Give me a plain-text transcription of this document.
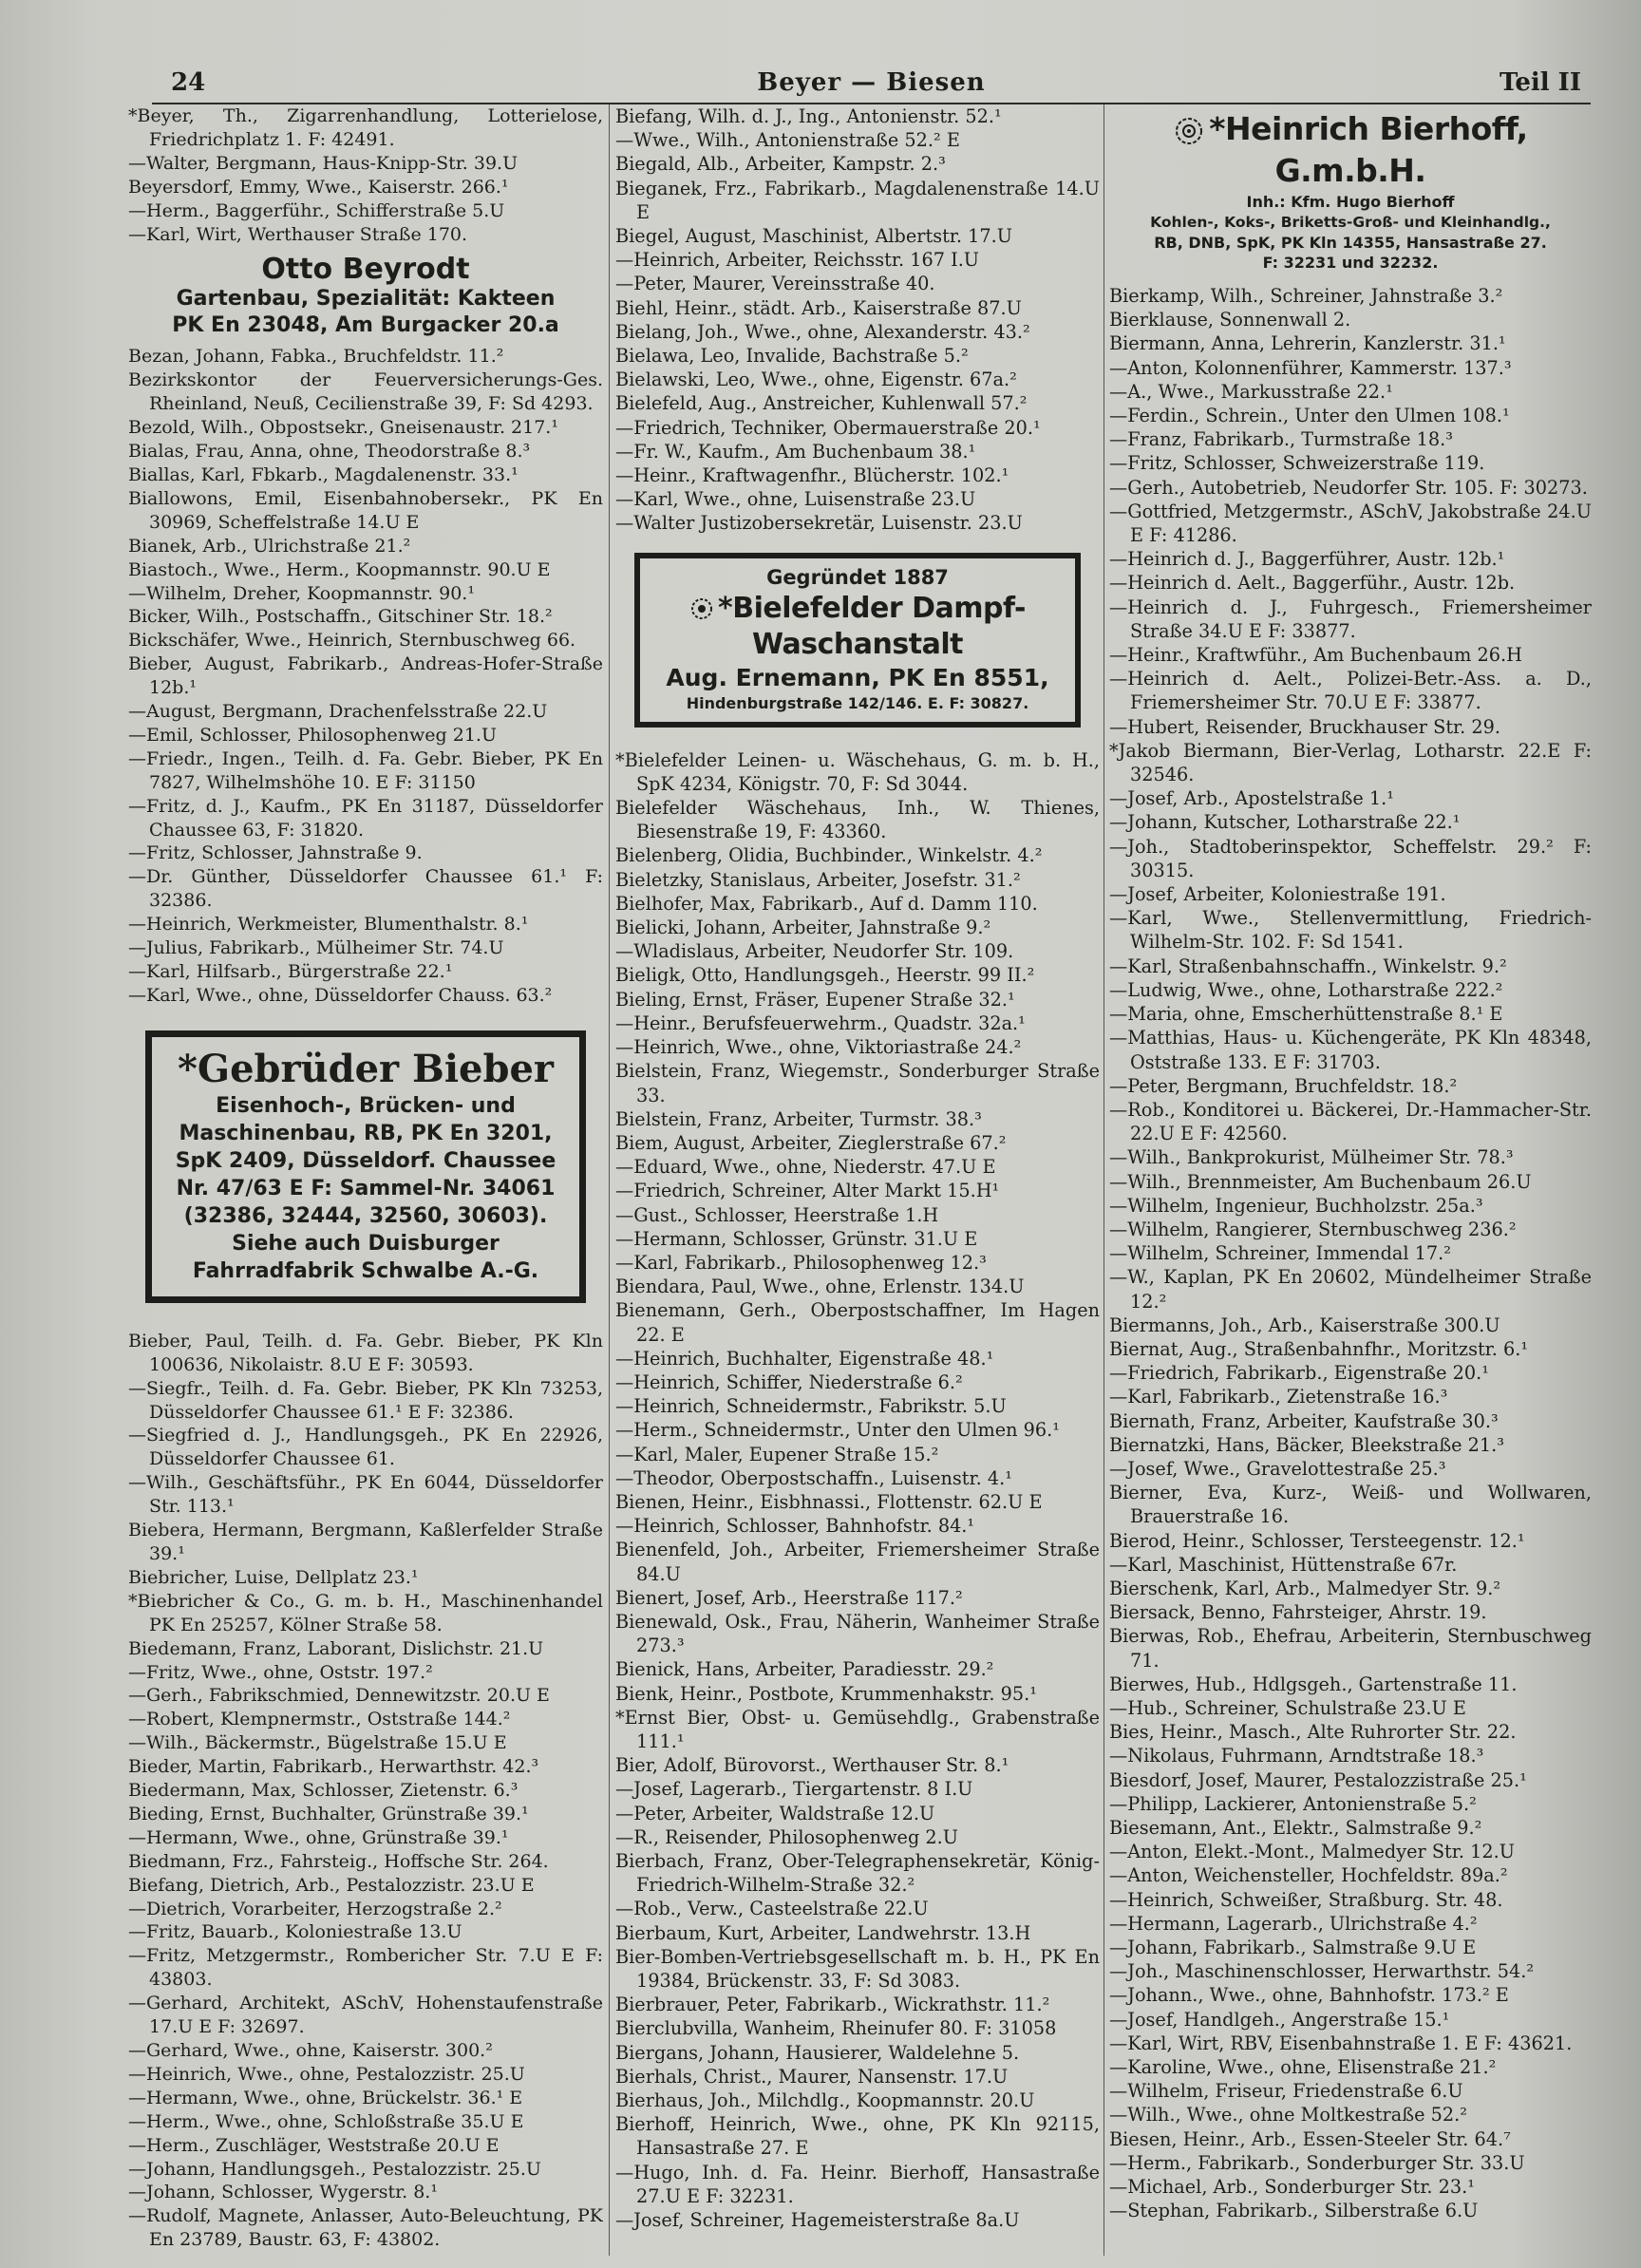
24	Beyer — Biesen	Teil II

*Beyer, Th., Zigarrenhandlung, Lotterielose, Friedrichplatz 1. F: 42491.

—Walter, Bergmann, Haus-Knipp-Str. 39.U

Beyersdorf, Emmy, Wwe., Kaiserstr. 266.¹

—Herm., Baggerführ., Schifferstraße 5.U

—Karl, Wirt, Werthauser Straße 170.

Otto Beyrodt
Gartenbau, Spezialität: Kakteen
PK En 23048, Am Burgacker 20.a

Bezan, Johann, Fabka., Bruchfeldstr. 11.²

Bezirkskontor der Feuerversicherungs-Ges. Rheinland, Neuß, Cecilienstraße 39, F: Sd 4293.

Bezold, Wilh., Obpostsekr., Gneisenaustr. 217.¹

Bialas, Frau, Anna, ohne, Theodorstraße 8.³

Biallas, Karl, Fbkarb., Magdalenenstr. 33.¹

Biallowons, Emil, Eisenbahnobersekr., PK En 30969, Scheffelstraße 14.U E

Bianek, Arb., Ulrichstraße 21.²

Biastoch., Wwe., Herm., Koopmannstr. 90.U E

—Wilhelm, Dreher, Koopmannstr. 90.¹

Bicker, Wilh., Postschaffn., Gitschiner Str. 18.²

Bickschäfer, Wwe., Heinrich, Sternbuschweg 66.

Bieber, August, Fabrikarb., Andreas-Hofer-Straße 12b.¹

—August, Bergmann, Drachenfelsstraße 22.U

—Emil, Schlosser, Philosophenweg 21.U

—Friedr., Ingen., Teilh. d. Fa. Gebr. Bieber, PK En 7827, Wilhelmshöhe 10. E F: 31150

—Fritz, d. J., Kaufm., PK En 31187, Düsseldorfer Chaussee 63, F: 31820.

—Fritz, Schlosser, Jahnstraße 9.

—Dr. Günther, Düsseldorfer Chaussee 61.¹ F: 32386.

—Heinrich, Werkmeister, Blumenthalstr. 8.¹

—Julius, Fabrikarb., Mülheimer Str. 74.U

—Karl, Hilfsarb., Bürgerstraße 22.¹

—Karl, Wwe., ohne, Düsseldorfer Chauss. 63.²

*Gebrüder Bieber
Eisenhoch-, Brücken- und Maschinenbau, RB, PK En 3201, SpK 2409, Düsseldorf. Chaussee Nr. 47/63 E F: Sammel-Nr. 34061 (32386, 32444, 32560, 30603). Siehe auch Duisburger Fahrradfabrik Schwalbe A.-G.

Bieber, Paul, Teilh. d. Fa. Gebr. Bieber, PK Kln 100636, Nikolaistr. 8.U E F: 30593.

—Siegfr., Teilh. d. Fa. Gebr. Bieber, PK Kln 73253, Düsseldorfer Chaussee 61.¹ E F: 32386.

—Siegfried d. J., Handlungsgeh., PK En 22926, Düsseldorfer Chaussee 61.

—Wilh., Geschäftsführ., PK En 6044, Düsseldorfer Str. 113.¹

Biebera, Hermann, Bergmann, Kaßlerfelder Straße 39.¹

Biebricher, Luise, Dellplatz 23.¹

*Biebricher & Co., G. m. b. H., Maschinenhandel PK En 25257, Kölner Straße 58.

Biedemann, Franz, Laborant, Dislichstr. 21.U

—Fritz, Wwe., ohne, Oststr. 197.²

—Gerh., Fabrikschmied, Dennewitzstr. 20.U E

—Robert, Klempnermstr., Oststraße 144.²

—Wilh., Bäckermstr., Bügelstraße 15.U E

Bieder, Martin, Fabrikarb., Herwarthstr. 42.³

Biedermann, Max, Schlosser, Zietenstr. 6.³

Bieding, Ernst, Buchhalter, Grünstraße 39.¹

—Hermann, Wwe., ohne, Grünstraße 39.¹

Biedmann, Frz., Fahrsteig., Hoffsche Str. 264.

Biefang, Dietrich, Arb., Pestalozzistr. 23.U E

—Dietrich, Vorarbeiter, Herzogstraße 2.²

—Fritz, Bauarb., Koloniestraße 13.U

—Fritz, Metzgermstr., Rombericher Str. 7.U E F: 43803.

—Gerhard, Architekt, ASchV, Hohenstaufenstraße 17.U E F: 32697.

—Gerhard, Wwe., ohne, Kaiserstr. 300.²

—Heinrich, Wwe., ohne, Pestalozzistr. 25.U

—Hermann, Wwe., ohne, Brückelstr. 36.¹ E

—Herm., Wwe., ohne, Schloßstraße 35.U E

—Herm., Zuschläger, Weststraße 20.U E

—Johann, Handlungsgeh., Pestalozzistr. 25.U

—Johann, Schlosser, Wygerstr. 8.¹

—Rudolf, Magnete, Anlasser, Auto-Beleuchtung, PK En 23789, Baustr. 63, F: 43802.

Biefang, Wilh. d. J., Ing., Antonienstr. 52.¹

—Wwe., Wilh., Antonienstraße 52.² E

Biegald, Alb., Arbeiter, Kampstr. 2.³

Bieganek, Frz., Fabrikarb., Magdalenenstraße 14.U E

Biegel, August, Maschinist, Albertstr. 17.U

—Heinrich, Arbeiter, Reichsstr. 167 I.U

—Peter, Maurer, Vereinsstraße 40.

Biehl, Heinr., städt. Arb., Kaiserstraße 87.U

Bielang, Joh., Wwe., ohne, Alexanderstr. 43.²

Bielawa, Leo, Invalide, Bachstraße 5.²

Bielawski, Leo, Wwe., ohne, Eigenstr. 67a.²

Bielefeld, Aug., Anstreicher, Kuhlenwall 57.²

—Friedrich, Techniker, Obermauerstraße 20.¹

—Fr. W., Kaufm., Am Buchenbaum 38.¹

—Heinr., Kraftwagenfhr., Blücherstr. 102.¹

—Karl, Wwe., ohne, Luisenstraße 23.U

—Walter Justizobersekretär, Luisenstr. 23.U

Gegründet 1887
*Bielefelder Dampf-Waschanstalt
Aug. Ernemann, PK En 8551,
Hindenburgstraße 142/146. E. F: 30827.

*Bielefelder Leinen- u. Wäschehaus, G. m. b. H., SpK 4234, Königstr. 70, F: Sd 3044.

Bielefelder Wäschehaus, Inh., W. Thienes, Biesenstraße 19, F: 43360.

Bielenberg, Olidia, Buchbinder., Winkelstr. 4.²

Bieletzky, Stanislaus, Arbeiter, Josefstr. 31.²

Bielhofer, Max, Fabrikarb., Auf d. Damm 110.

Bielicki, Johann, Arbeiter, Jahnstraße 9.²

—Wladislaus, Arbeiter, Neudorfer Str. 109.

Bieligk, Otto, Handlungsgeh., Heerstr. 99 II.²

Bieling, Ernst, Fräser, Eupener Straße 32.¹

—Heinr., Berufsfeuerwehrm., Quadstr. 32a.¹

—Heinrich, Wwe., ohne, Viktoriastraße 24.²

Bielstein, Franz, Wiegemstr., Sonderburger Straße 33.

Bielstein, Franz, Arbeiter, Turmstr. 38.³

Biem, August, Arbeiter, Zieglerstraße 67.²

—Eduard, Wwe., ohne, Niederstr. 47.U E

—Friedrich, Schreiner, Alter Markt 15.H¹

—Gust., Schlosser, Heerstraße 1.H

—Hermann, Schlosser, Grünstr. 31.U E

—Karl, Fabrikarb., Philosophenweg 12.³

Biendara, Paul, Wwe., ohne, Erlenstr. 134.U

Bienemann, Gerh., Oberpostschaffner, Im Hagen 22. E

—Heinrich, Buchhalter, Eigenstraße 48.¹

—Heinrich, Schiffer, Niederstraße 6.²

—Heinrich, Schneidermstr., Fabrikstr. 5.U

—Herm., Schneidermstr., Unter den Ulmen 96.¹

—Karl, Maler, Eupener Straße 15.²

—Theodor, Oberpostschaffn., Luisenstr. 4.¹

Bienen, Heinr., Eisbhnassi., Flottenstr. 62.U E

—Heinrich, Schlosser, Bahnhofstr. 84.¹

Bienenfeld, Joh., Arbeiter, Friemersheimer Straße 84.U

Bienert, Josef, Arb., Heerstraße 117.²

Bienewald, Osk., Frau, Näherin, Wanheimer Straße 273.³

Bienick, Hans, Arbeiter, Paradiesstr. 29.²

Bienk, Heinr., Postbote, Krummenhakstr. 95.¹

*Ernst Bier, Obst- u. Gemüsehdlg., Grabenstraße 111.¹

Bier, Adolf, Bürovorst., Werthauser Str. 8.¹

—Josef, Lagerarb., Tiergartenstr. 8 I.U

—Peter, Arbeiter, Waldstraße 12.U

—R., Reisender, Philosophenweg 2.U

Bierbach, Franz, Ober-Telegraphensekretär, König-Friedrich-Wilhelm-Straße 32.²

—Rob., Verw., Casteelstraße 22.U

Bierbaum, Kurt, Arbeiter, Landwehrstr. 13.H

Bier-Bomben-Vertriebsgesellschaft m. b. H., PK En 19384, Brückenstr. 33, F: Sd 3083.

Bierbrauer, Peter, Fabrikarb., Wickrathstr. 11.²

Bierclubvilla, Wanheim, Rheinufer 80. F: 31058

Biergans, Johann, Hausierer, Waldelehne 5.

Bierhals, Christ., Maurer, Nansenstr. 17.U

Bierhaus, Joh., Milchdlg., Koopmannstr. 20.U

Bierhoff, Heinrich, Wwe., ohne, PK Kln 92115, Hansastraße 27. E

—Hugo, Inh. d. Fa. Heinr. Bierhoff, Hansastraße 27.U E F: 32231.

—Josef, Schreiner, Hagemeisterstraße 8a.U

*Heinrich Bierhoff, G.m.b.H.
Inh.: Kfm. Hugo Bierhoff
Kohlen-, Koks-, Briketts-Groß- und Kleinhandlg.,
RB, DNB, SpK, PK Kln 14355, Hansastraße 27.
F: 32231 und 32232.

Bierkamp, Wilh., Schreiner, Jahnstraße 3.²

Bierklause, Sonnenwall 2.

Biermann, Anna, Lehrerin, Kanzlerstr. 31.¹

—Anton, Kolonnenführer, Kammerstr. 137.³

—A., Wwe., Markusstraße 22.¹

—Ferdin., Schrein., Unter den Ulmen 108.¹

—Franz, Fabrikarb., Turmstraße 18.³

—Fritz, Schlosser, Schweizerstraße 119.

—Gerh., Autobetrieb, Neudorfer Str. 105. F: 30273.

—Gottfried, Metzgermstr., ASchV, Jakobstraße 24.U E F: 41286.

—Heinrich d. J., Baggerführer, Austr. 12b.¹

—Heinrich d. Aelt., Baggerführ., Austr. 12b.

—Heinrich d. J., Fuhrgesch., Friemersheimer Straße 34.U E F: 33877.

—Heinr., Kraftwführ., Am Buchenbaum 26.H

—Heinrich d. Aelt., Polizei-Betr.-Ass. a. D., Friemersheimer Str. 70.U E F: 33877.

—Hubert, Reisender, Bruckhauser Str. 29.

*Jakob Biermann, Bier-Verlag, Lotharstr. 22.E F: 32546.

—Josef, Arb., Apostelstraße 1.¹

—Johann, Kutscher, Lotharstraße 22.¹

—Joh., Stadtoberinspektor, Scheffelstr. 29.² F: 30315.

—Josef, Arbeiter, Koloniestraße 191.

—Karl, Wwe., Stellenvermittlung, Friedrich-Wilhelm-Str. 102. F: Sd 1541.

—Karl, Straßenbahnschaffn., Winkelstr. 9.²

—Ludwig, Wwe., ohne, Lotharstraße 222.²

—Maria, ohne, Emscherhüttenstraße 8.¹ E

—Matthias, Haus- u. Küchengeräte, PK Kln 48348, Oststraße 133. E F: 31703.

—Peter, Bergmann, Bruchfeldstr. 18.²

—Rob., Konditorei u. Bäckerei, Dr.-Hammacher-Str. 22.U E F: 42560.

—Wilh., Bankprokurist, Mülheimer Str. 78.³

—Wilh., Brennmeister, Am Buchenbaum 26.U

—Wilhelm, Ingenieur, Buchholzstr. 25a.³

—Wilhelm, Rangierer, Sternbuschweg 236.²

—Wilhelm, Schreiner, Immendal 17.²

—W., Kaplan, PK En 20602, Mündelheimer Straße 12.²

Biermanns, Joh., Arb., Kaiserstraße 300.U

Biernat, Aug., Straßenbahnfhr., Moritzstr. 6.¹

—Friedrich, Fabrikarb., Eigenstraße 20.¹

—Karl, Fabrikarb., Zietenstraße 16.³

Biernath, Franz, Arbeiter, Kaufstraße 30.³

Biernatzki, Hans, Bäcker, Bleekstraße 21.³

—Josef, Wwe., Gravelottestraße 25.³

Bierner, Eva, Kurz-, Weiß- und Wollwaren, Brauerstraße 16.

Bierod, Heinr., Schlosser, Tersteegenstr. 12.¹

—Karl, Maschinist, Hüttenstraße 67r.

Bierschenk, Karl, Arb., Malmedyer Str. 9.²

Biersack, Benno, Fahrsteiger, Ahrstr. 19.

Bierwas, Rob., Ehefrau, Arbeiterin, Sternbuschweg 71.

Bierwes, Hub., Hdlgsgeh., Gartenstraße 11.

—Hub., Schreiner, Schulstraße 23.U E

Bies, Heinr., Masch., Alte Ruhrorter Str. 22.

—Nikolaus, Fuhrmann, Arndtstraße 18.³

Biesdorf, Josef, Maurer, Pestalozzistraße 25.¹

—Philipp, Lackierer, Antonienstraße 5.²

Biesemann, Ant., Elektr., Salmstraße 9.²

—Anton, Elekt.-Mont., Malmedyer Str. 12.U

—Anton, Weichensteller, Hochfeldstr. 89a.²

—Heinrich, Schweißer, Straßburg. Str. 48.

—Hermann, Lagerarb., Ulrichstraße 4.²

—Johann, Fabrikarb., Salmstraße 9.U E

—Joh., Maschinenschlosser, Herwarthstr. 54.²

—Johann., Wwe., ohne, Bahnhofstr. 173.² E

—Josef, Handlgeh., Angerstraße 15.¹

—Karl, Wirt, RBV, Eisenbahnstraße 1. E F: 43621.

—Karoline, Wwe., ohne, Elisenstraße 21.²

—Wilhelm, Friseur, Friedenstraße 6.U

—Wilh., Wwe., ohne Moltkestraße 52.²

Biesen, Heinr., Arb., Essen-Steeler Str. 64.⁷

—Herm., Fabrikarb., Sonderburger Str. 33.U

—Michael, Arb., Sonderburger Str. 23.¹

—Stephan, Fabrikarb., Silberstraße 6.U
